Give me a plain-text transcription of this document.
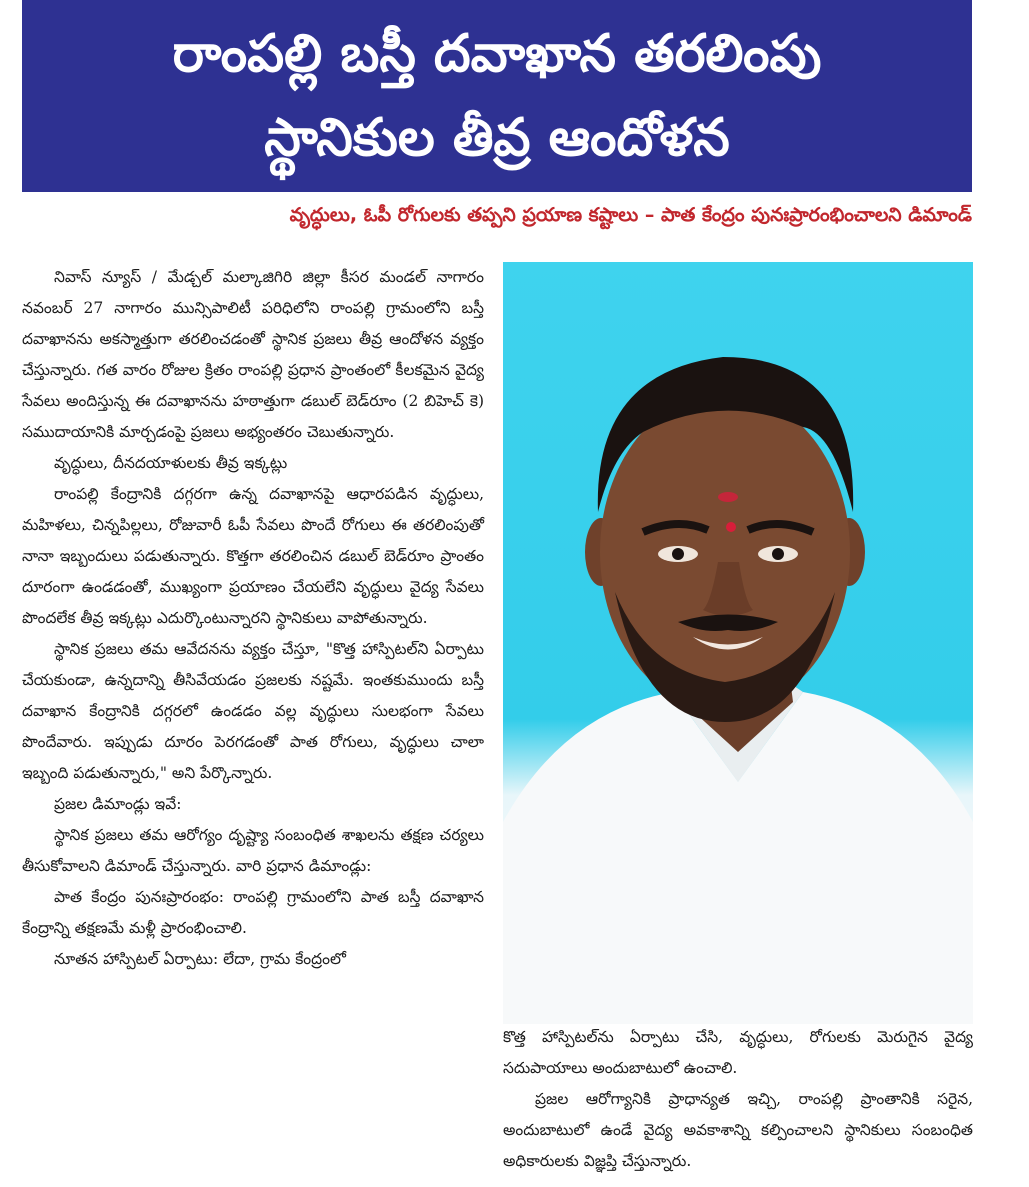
రాంపల్లి బస్తీ దవాఖాన తరలింపు
స్థానికుల తీవ్ర ఆందోళన
వృద్ధులు, ఓపీ రోగులకు తప్పని ప్రయాణ కష్టాలు – పాత కేంద్రం పునఃప్రారంభించాలని డిమాండ్

నివాస్ న్యూస్ / మేడ్చల్ మల్కాజిగిరి జిల్లా కీసర మండల్ నాగారం నవంబర్ 27 నాగారం మున్సిపాలిటీ పరిధిలోని రాంపల్లి గ్రామంలోని బస్తీ దవాఖానను అకస్మాత్తుగా తరలించడంతో స్థానిక ప్రజలు తీవ్ర ఆందోళన వ్యక్తం చేస్తున్నారు. గత వారం రోజుల క్రితం రాంపల్లి ప్రధాన ప్రాంతంలో కీలకమైన వైద్య సేవలు అందిస్తున్న ఈ దవాఖానను హఠాత్తుగా డబుల్ బెడ్‌రూం (2 బిహెచ్ కె) సముదాయానికి మార్చడంపై ప్రజలు అభ్యంతరం చెబుతున్నారు.

వృద్ధులు, దీనదయాళులకు తీవ్ర ఇక్కట్లు

రాంపల్లి కేంద్రానికి దగ్గరగా ఉన్న దవాఖానపై ఆధారపడిన వృద్ధులు, మహిళలు, చిన్నపిల్లలు, రోజువారీ ఓపీ సేవలు పొందే రోగులు ఈ తరలింపుతో నానా ఇబ్బందులు పడుతున్నారు. కొత్తగా తరలించిన డబుల్ బెడ్‌రూం ప్రాంతం దూరంగా ఉండడంతో, ముఖ్యంగా ప్రయాణం చేయలేని వృద్ధులు వైద్య సేవలు పొందలేక తీవ్ర ఇక్కట్లు ఎదుర్కొంటున్నారని స్థానికులు వాపోతున్నారు.

స్థానిక ప్రజలు తమ ఆవేదనను వ్యక్తం చేస్తూ, "కొత్త హాస్పిటల్‌ని ఏర్పాటు చేయకుండా, ఉన్నదాన్ని తీసివేయడం ప్రజలకు నష్టమే. ఇంతకుముందు బస్తీ దవాఖాన కేంద్రానికి దగ్గరలో ఉండడం వల్ల వృద్ధులు సులభంగా సేవలు పొందేవారు. ఇప్పుడు దూరం పెరగడంతో పాత రోగులు, వృద్ధులు చాలా ఇబ్బంది పడుతున్నారు," అని పేర్కొన్నారు.

ప్రజల డిమాండ్లు ఇవే:

స్థానిక ప్రజలు తమ ఆరోగ్యం దృష్ట్యా సంబంధిత శాఖలను తక్షణ చర్యలు తీసుకోవాలని డిమాండ్ చేస్తున్నారు. వారి ప్రధాన డిమాండ్లు:

పాత కేంద్రం పునఃప్రారంభం: రాంపల్లి గ్రామంలోని పాత బస్తీ దవాఖాన కేంద్రాన్ని తక్షణమే మళ్లీ ప్రారంభించాలి.

నూతన హాస్పిటల్ ఏర్పాటు: లేదా, గ్రామ కేంద్రంలో

కొత్త హాస్పిటల్‌ను ఏర్పాటు చేసి, వృద్ధులు, రోగులకు మెరుగైన వైద్య సదుపాయాలు అందుబాటులో ఉంచాలి.

ప్రజల ఆరోగ్యానికి ప్రాధాన్యత ఇచ్చి, రాంపల్లి ప్రాంతానికి సరైన, అందుబాటులో ఉండే వైద్య అవకాశాన్ని కల్పించాలని స్థానికులు సంబంధిత అధికారులకు విజ్ఞప్తి చేస్తున్నారు.
